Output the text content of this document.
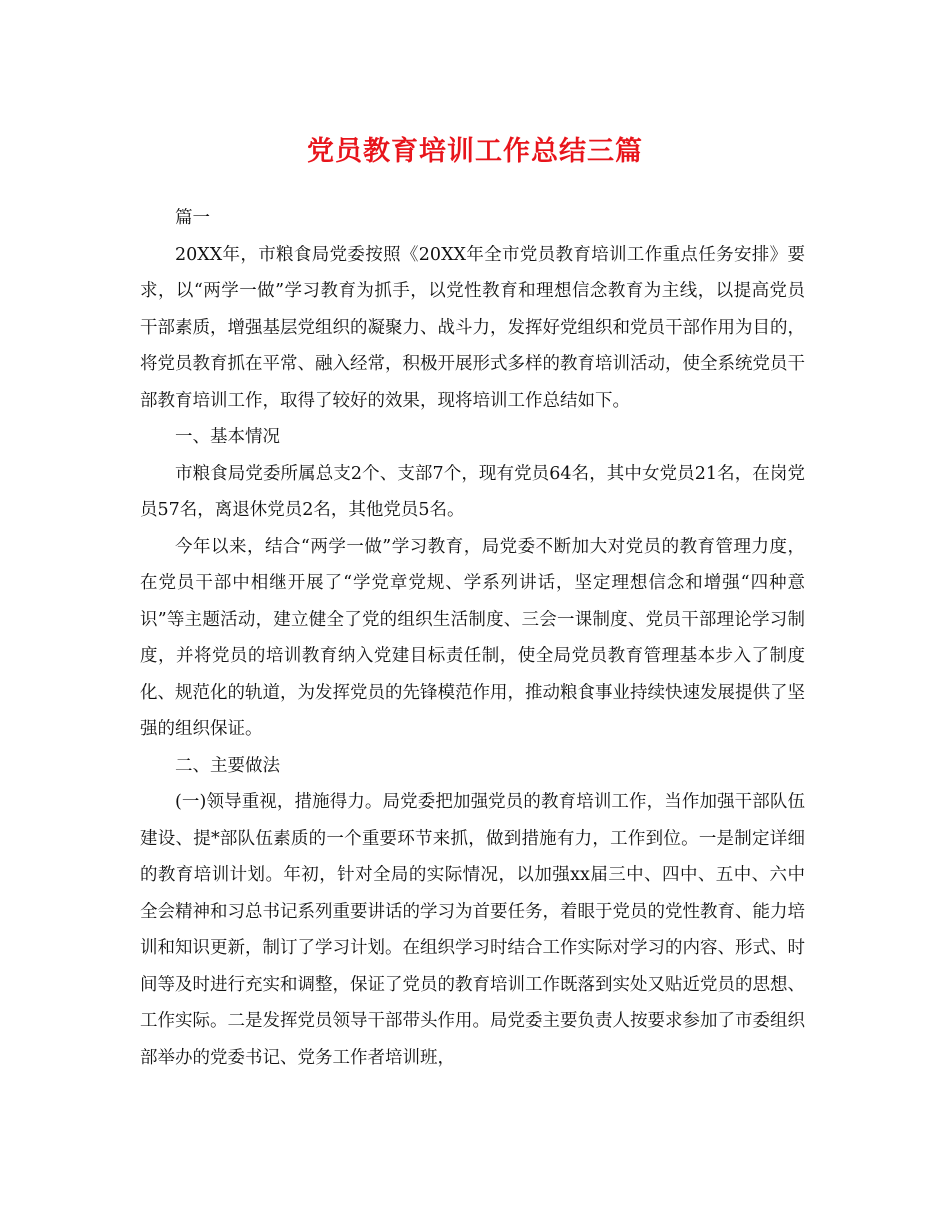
党员教育培训工作总结三篇

篇一

20XX年，市粮食局党委按照《20XX年全市党员教育培训工作重点任务安排》要求，以“两学一做”学习教育为抓手，以党性教育和理想信念教育为主线，以提高党员干部素质，增强基层党组织的凝聚力、战斗力，发挥好党组织和党员干部作用为目的，将党员教育抓在平常、融入经常，积极开展形式多样的教育培训活动，使全系统党员干部教育培训工作，取得了较好的效果，现将培训工作总结如下。

一、基本情况

市粮食局党委所属总支2个、支部7个，现有党员64名，其中女党员21名，在岗党员57名，离退休党员2名，其他党员5名。

今年以来，结合“两学一做”学习教育，局党委不断加大对党员的教育管理力度，在党员干部中相继开展了“学党章党规、学系列讲话，坚定理想信念和增强“四种意识”等主题活动，建立健全了党的组织生活制度、三会一课制度、党员干部理论学习制度，并将党员的培训教育纳入党建目标责任制，使全局党员教育管理基本步入了制度化、规范化的轨道，为发挥党员的先锋模范作用，推动粮食事业持续快速发展提供了坚强的组织保证。

二、主要做法

(一)领导重视，措施得力。局党委把加强党员的教育培训工作，当作加强干部队伍建设、提*部队伍素质的一个重要环节来抓，做到措施有力，工作到位。一是制定详细的教育培训计划。年初，针对全局的实际情况，以加强xx届三中、四中、五中、六中全会精神和习总书记系列重要讲话的学习为首要任务，着眼于党员的党性教育、能力培训和知识更新，制订了学习计划。在组织学习时结合工作实际对学习的内容、形式、时间等及时进行充实和调整，保证了党员的教育培训工作既落到实处又贴近党员的思想、工作实际。二是发挥党员领导干部带头作用。局党委主要负责人按要求参加了市委组织部举办的党委书记、党务工作者培训班，
